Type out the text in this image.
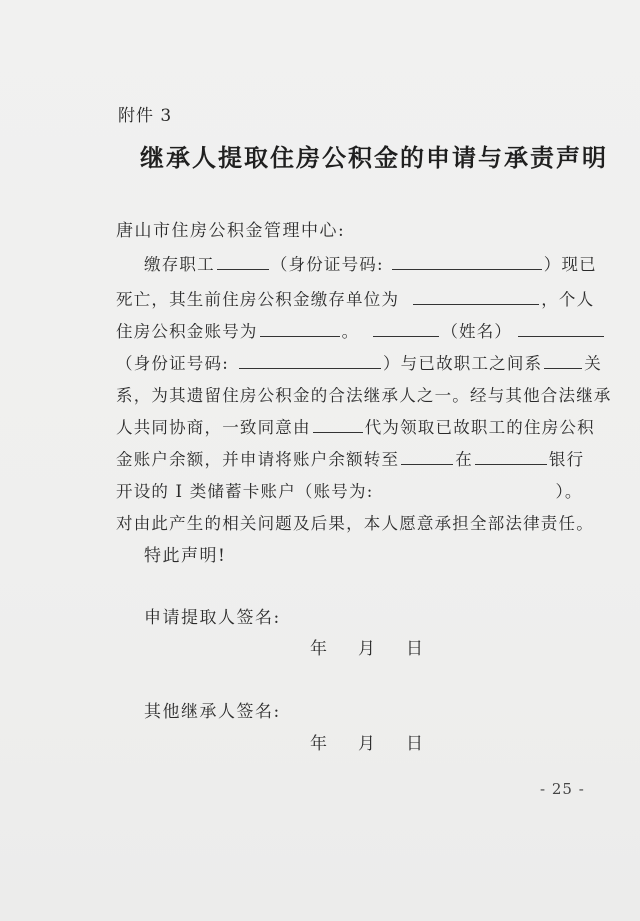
附件 3
继承人提取住房公积金的申请与承责声明
唐山市住房公积金管理中心:
缴存职工	（身份证号码:	）现已
死亡，其生前住房公积金缴存单位为	，个人
住房公积金账号为	。	（姓名）
（身份证号码:	）与已故职工之间系	关
系，为其遗留住房公积金的合法继承人之一。经与其他合法继承
人共同协商，一致同意由	代为领取已故职工的住房公积
金账户余额，并申请将账户余额转至	在	银行
开设的 I 类储蓄卡账户（账号为:	）。
对由此产生的相关问题及后果，本人愿意承担全部法律责任。
特此声明!
申请提取人签名:
年 月 日
其他继承人签名:
年 月 日
- 25 -
